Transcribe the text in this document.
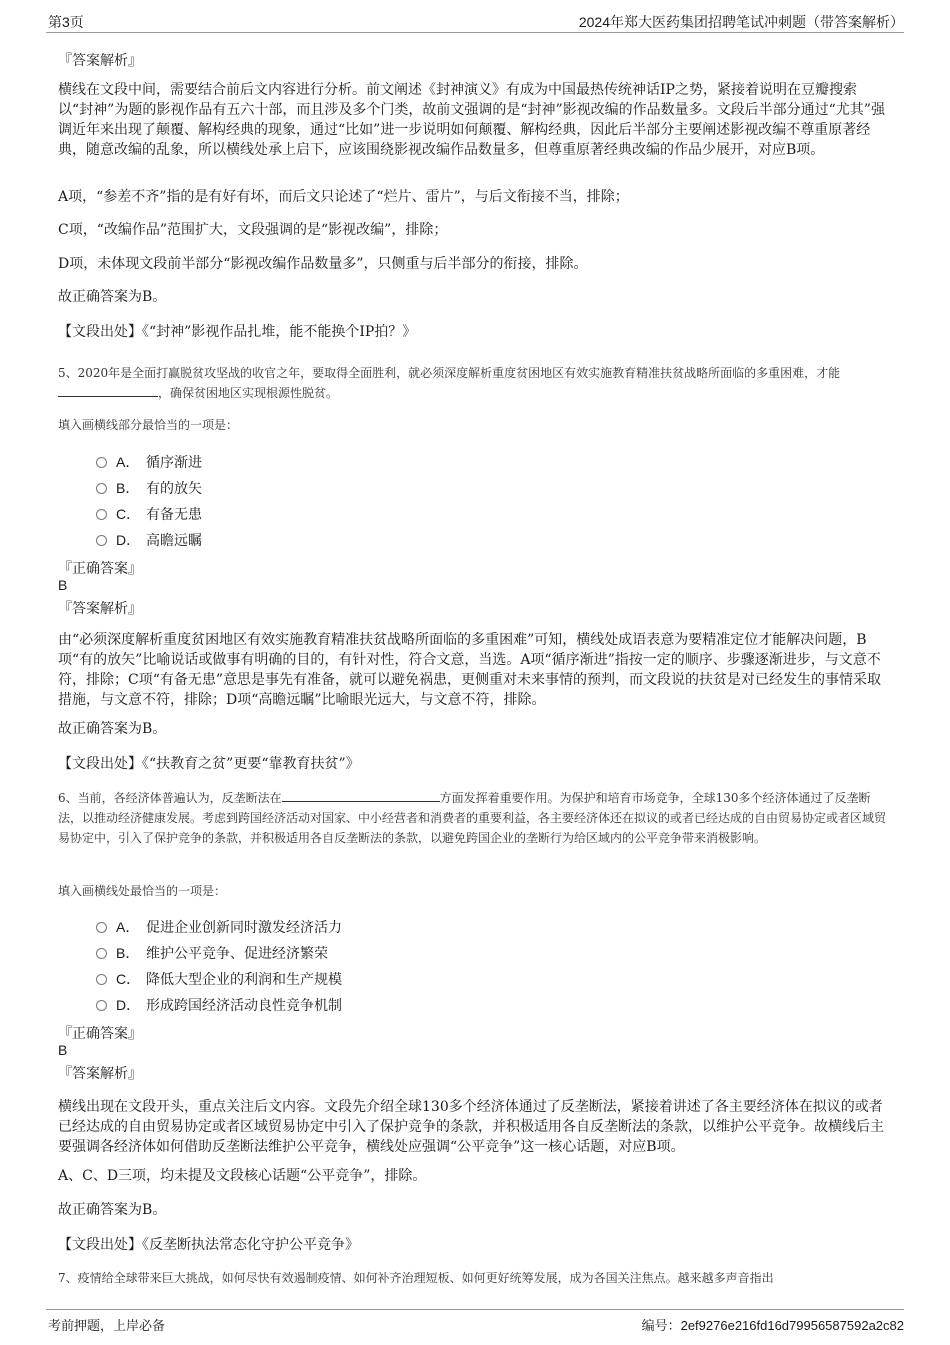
第3页	2024年郑大医药集团招聘笔试冲刺题（带答案解析）
『答案解析』
横线在文段中间，需要结合前后文内容进行分析。前文阐述《封神演义》有成为中国最热传统神话IP之势，紧接着说明在豆瓣搜索以“封神”为题的影视作品有五六十部，而且涉及多个门类，故前文强调的是“封神”影视改编的作品数量多。文段后半部分通过“尤其”强调近年来出现了颠覆、解构经典的现象，通过“比如”进一步说明如何颠覆、解构经典，因此后半部分主要阐述影视改编不尊重原著经典，随意改编的乱象，所以横线处承上启下，应该围绕影视改编作品数量多，但尊重原著经典改编的作品少展开，对应B项。
A项，“参差不齐”指的是有好有坏，而后文只论述了“烂片、雷片”，与后文衔接不当，排除；
C项，“改编作品”范围扩大，文段强调的是“影视改编”，排除；
D项，未体现文段前半部分“影视改编作品数量多”，只侧重与后半部分的衔接，排除。
故正确答案为B。
【文段出处】《“封神”影视作品扎堆，能不能换个IP拍？》
5、2020年是全面打赢脱贫攻坚战的收官之年，要取得全面胜利，就必须深度解析重度贫困地区有效实施教育精准扶贫战略所面临的多重困难，才能，确保贫困地区实现根源性脱贫。
填入画横线部分最恰当的一项是：
A． 循序渐进
B． 有的放矢
C． 有备无患
D． 高瞻远瞩
『正确答案』
B
『答案解析』
由“必须深度解析重度贫困地区有效实施教育精准扶贫战略所面临的多重困难”可知，横线处成语表意为要精准定位才能解决问题，B项“有的放矢”比喻说话或做事有明确的目的，有针对性，符合文意，当选。A项“循序渐进”指按一定的顺序、步骤逐渐进步，与文意不符，排除；C项“有备无患”意思是事先有准备，就可以避免祸患，更侧重对未来事情的预判，而文段说的扶贫是对已经发生的事情采取措施，与文意不符，排除；D项“高瞻远瞩”比喻眼光远大，与文意不符，排除。
故正确答案为B。
【文段出处】《“扶教育之贫”更要“靠教育扶贫”》
6、当前，各经济体普遍认为，反垄断法在	方面发挥着重要作用。为保护和培育市场竞争，全球130多个经济体通过了反垄断法，以推动经济健康发展。考虑到跨国经济活动对国家、中小经营者和消费者的重要利益，各主要经济体还在拟议的或者已经达成的自由贸易协定或者区域贸易协定中，引入了保护竞争的条款，并积极适用各自反垄断法的条款，以避免跨国企业的垄断行为给区域内的公平竞争带来消极影响。
填入画横线处最恰当的一项是：
A． 促进企业创新同时激发经济活力
B． 维护公平竞争、促进经济繁荣
C． 降低大型企业的利润和生产规模
D． 形成跨国经济活动良性竞争机制
『正确答案』
B
『答案解析』
横线出现在文段开头，重点关注后文内容。文段先介绍全球130多个经济体通过了反垄断法，紧接着讲述了各主要经济体在拟议的或者已经达成的自由贸易协定或者区域贸易协定中引入了保护竞争的条款，并积极适用各自反垄断法的条款，以维护公平竞争。故横线后主要强调各经济体如何借助反垄断法维护公平竞争，横线处应强调“公平竞争”这一核心话题，对应B项。
A、C、D三项，均未提及文段核心话题“公平竞争”，排除。
故正确答案为B。
【文段出处】《反垄断执法常态化守护公平竞争》
7、疫情给全球带来巨大挑战，如何尽快有效遏制疫情、如何补齐治理短板、如何更好统筹发展，成为各国关注焦点。越来越多声音指出
考前押题，上岸必备	编号：2ef9276e216fd16d79956587592a2c82
